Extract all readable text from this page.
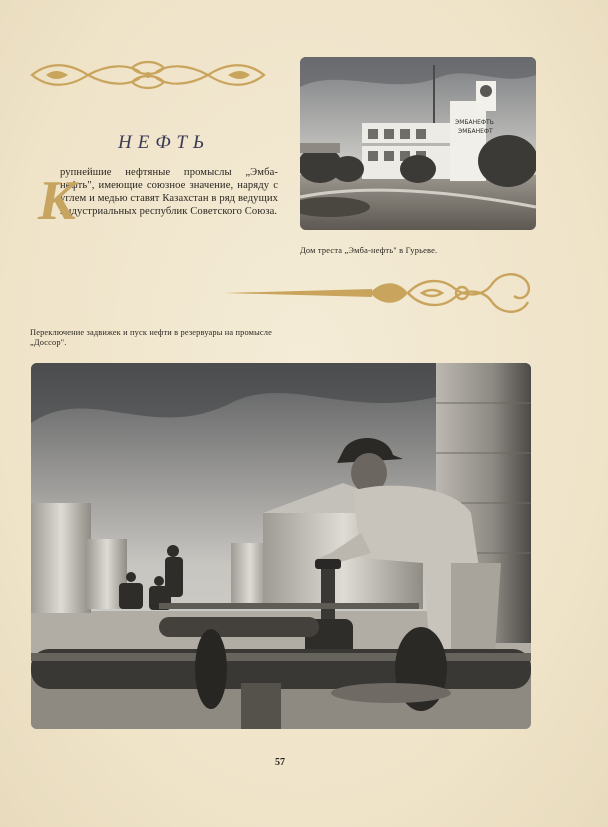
НЕФТЬ
К

рупнейшие нефтяные промыслы „Эмба-нефть", имеющие союзное значение, наряду с углем и медью ставят Казахстан в ряд ведущих индустриальных республик Советского Союза.

ЭМБАНЕФТЬ
ЭМБАНЕФТ
Дом треста „Эмба-нефть" в Гурьеве.
Переключение задвижек и пуск нефти в резервуары на промысле „Доссор".
57
